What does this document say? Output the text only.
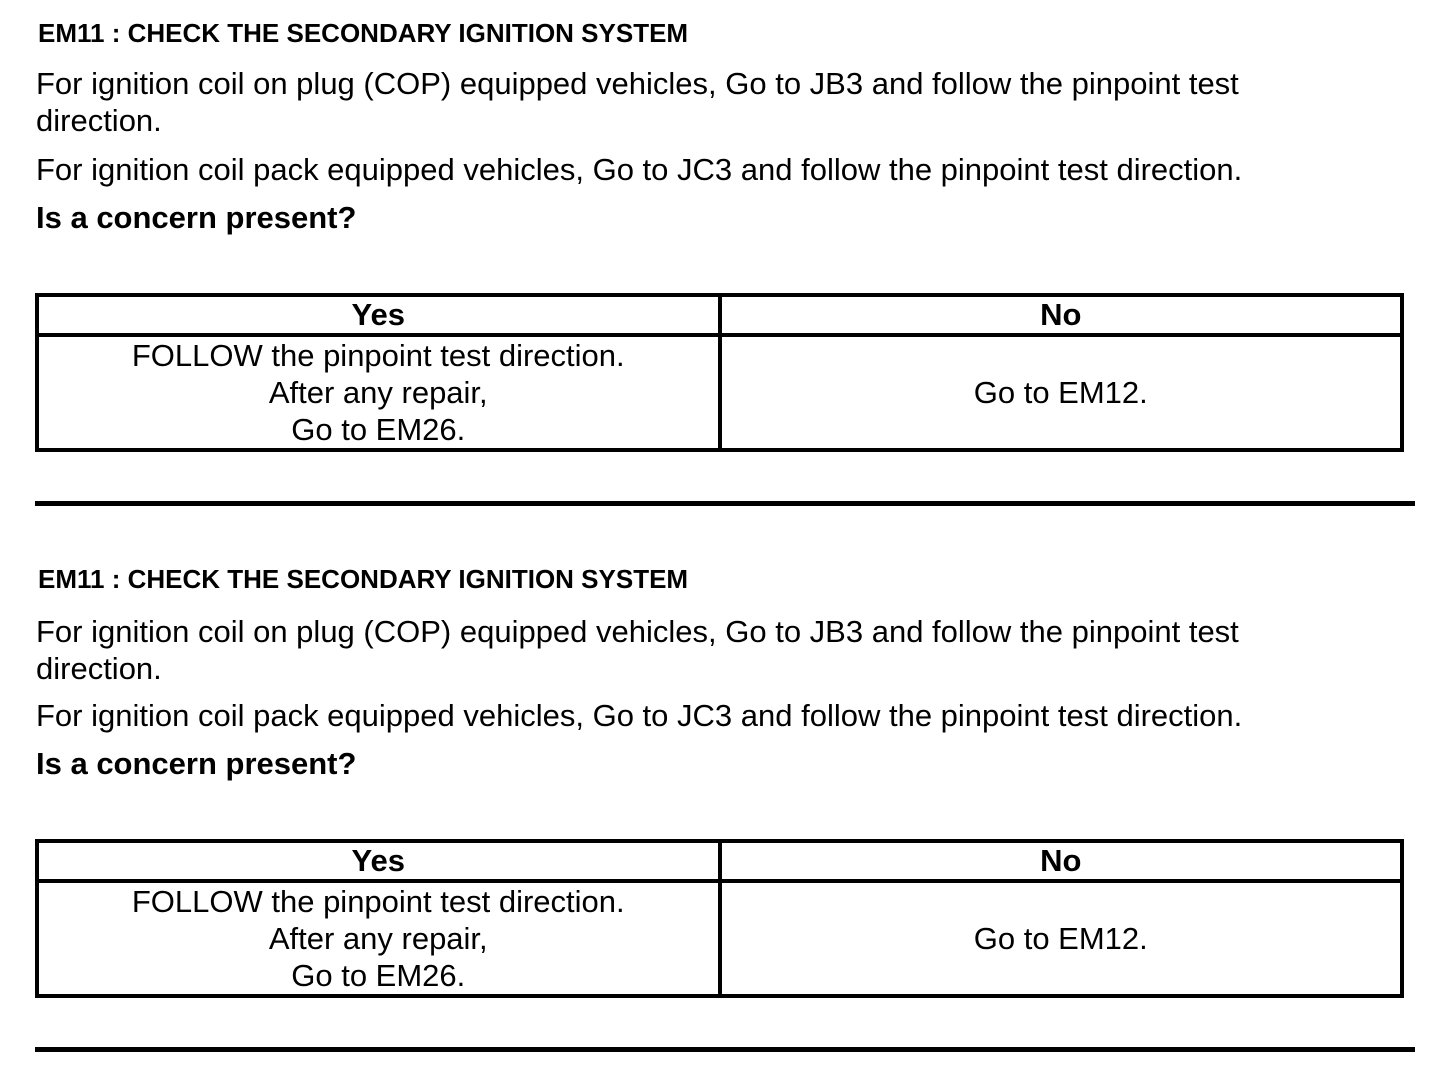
EM11 : CHECK THE SECONDARY IGNITION SYSTEM
For ignition coil on plug (COP) equipped vehicles, Go to JB3 and follow the pinpoint test direction.
For ignition coil pack equipped vehicles, Go to JC3 and follow the pinpoint test direction.
Is a concern present?
Yes	No

FOLLOW the pinpoint test direction.
After any repair,
Go to EM26.	Go to EM12.
EM11 : CHECK THE SECONDARY IGNITION SYSTEM
For ignition coil on plug (COP) equipped vehicles, Go to JB3 and follow the pinpoint test direction.
For ignition coil pack equipped vehicles, Go to JC3 and follow the pinpoint test direction.
Is a concern present?
Yes	No

FOLLOW the pinpoint test direction.
After any repair,
Go to EM26.	Go to EM12.
